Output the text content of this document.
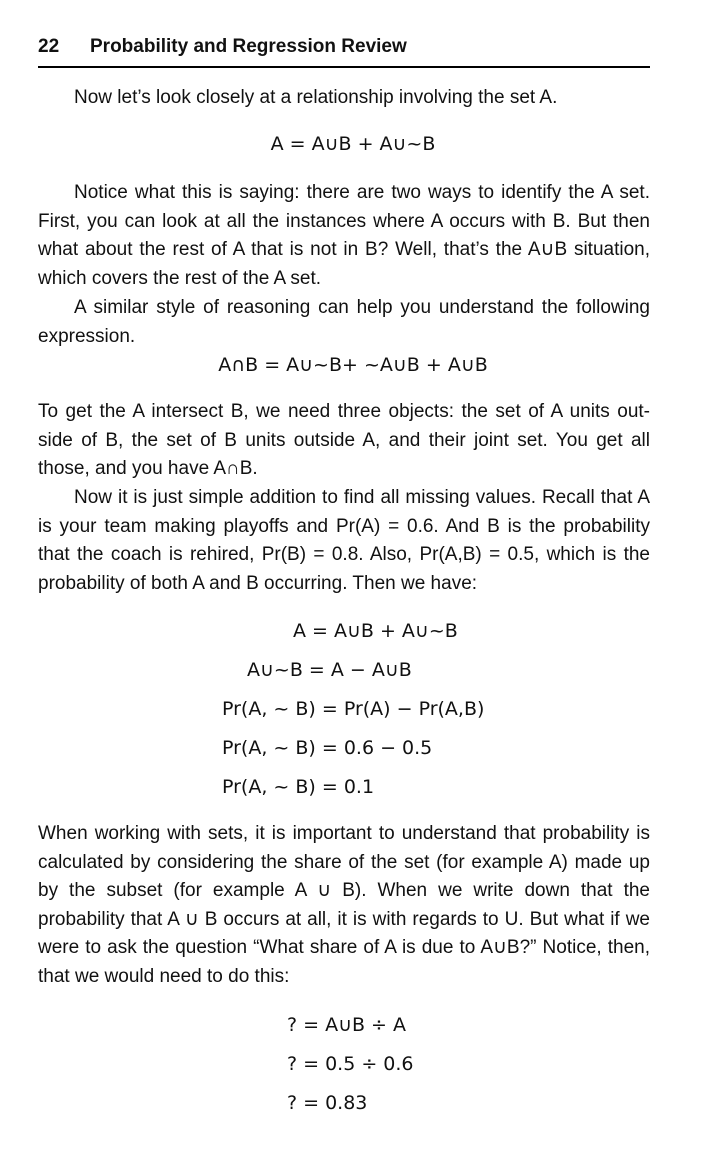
22 Probability and Regression Review

Now let’s look closely at a relationship involving the set A.

A = A∪B + A∪~B

Notice what this is saying: there are two ways to identify the A set. First, you can look at all the instances where A occurs with B. But then what about the rest of A that is not in B? Well, that’s the A∪B situation, which covers the rest of the A set.

A similar style of reasoning can help you understand the following expression.

A∩B = A∪~B+ ~A∪B + A∪B

To get the A intersect B, we need three objects: the set of A units out-side of B, the set of B units outside A, and their joint set. You get all those, and you have A∩B.

Now it is just simple addition to find all missing values. Recall that A is your team making playoffs and Pr(A) = 0.6. And B is the probability that the coach is rehired, Pr(B) = 0.8. Also, Pr(A,B) = 0.5, which is the probability of both A and B occurring. Then we have:

A = A∪B + A∪~B
A∪~B = A − A∪B
Pr(A, ~ B) = Pr(A) − Pr(A,B)
Pr(A, ~ B) = 0.6 − 0.5
Pr(A, ~ B) = 0.1

When working with sets, it is important to understand that probability is calculated by considering the share of the set (for example A) made up by the subset (for example A ∪ B). When we write down that the probability that A ∪ B occurs at all, it is with regards to U. But what if we were to ask the question “What share of A is due to A∪B?” Notice, then, that we would need to do this:

? = A∪B ÷ A
? = 0.5 ÷ 0.6
? = 0.83
